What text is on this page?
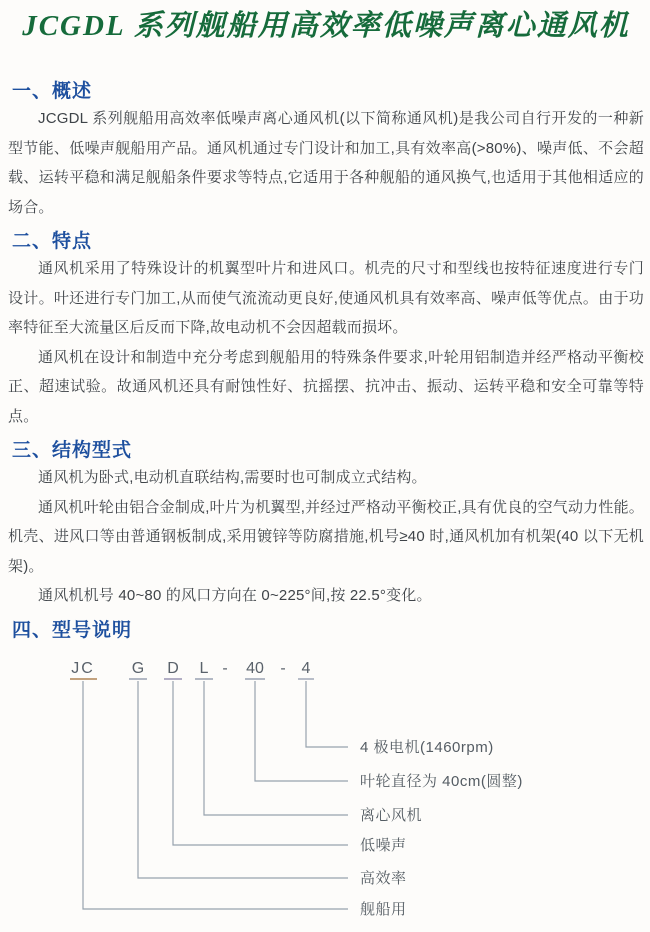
JCGDL 系列舰船用高效率低噪声离心通风机
一、概述

JCGDL 系列舰船用高效率低噪声离心通风机(以下简称通风机)是我公司自行开发的一种新型节能、低噪声舰船用产品。通风机通过专门设计和加工,具有效率高(>80%)、噪声低、不会超载、运转平稳和满足舰船条件要求等特点,它适用于各种舰船的通风换气,也适用于其他相适应的场合。

二、特点

通风机采用了特殊设计的机翼型叶片和进风口。机壳的尺寸和型线也按特征速度进行专门设计。叶还进行专门加工,从而使气流流动更良好,使通风机具有效率高、噪声低等优点。由于功率特征至大流量区后反而下降,故电动机不会因超载而损坏。

通风机在设计和制造中充分考虑到舰船用的特殊条件要求,叶轮用铝制造并经严格动平衡校正、超速试验。故通风机还具有耐蚀性好、抗摇摆、抗冲击、振动、运转平稳和安全可靠等特点。

三、结构型式

通风机为卧式,电动机直联结构,需要时也可制成立式结构。

通风机叶轮由铝合金制成,叶片为机翼型,并经过严格动平衡校正,具有优良的空气动力性能。机壳、进风口等由普通钢板制成,采用镀锌等防腐措施,机号≥40 时,通风机加有机架(40 以下无机架)。

通风机机号 40~80 的风口方向在 0~225°间,按 22.5°变化。

四、型号说明
JC G D L - 40 - 4
4 极电机(1460rpm)
叶轮直径为 40cm(圆整)
离心风机
低噪声
高效率
舰船用
